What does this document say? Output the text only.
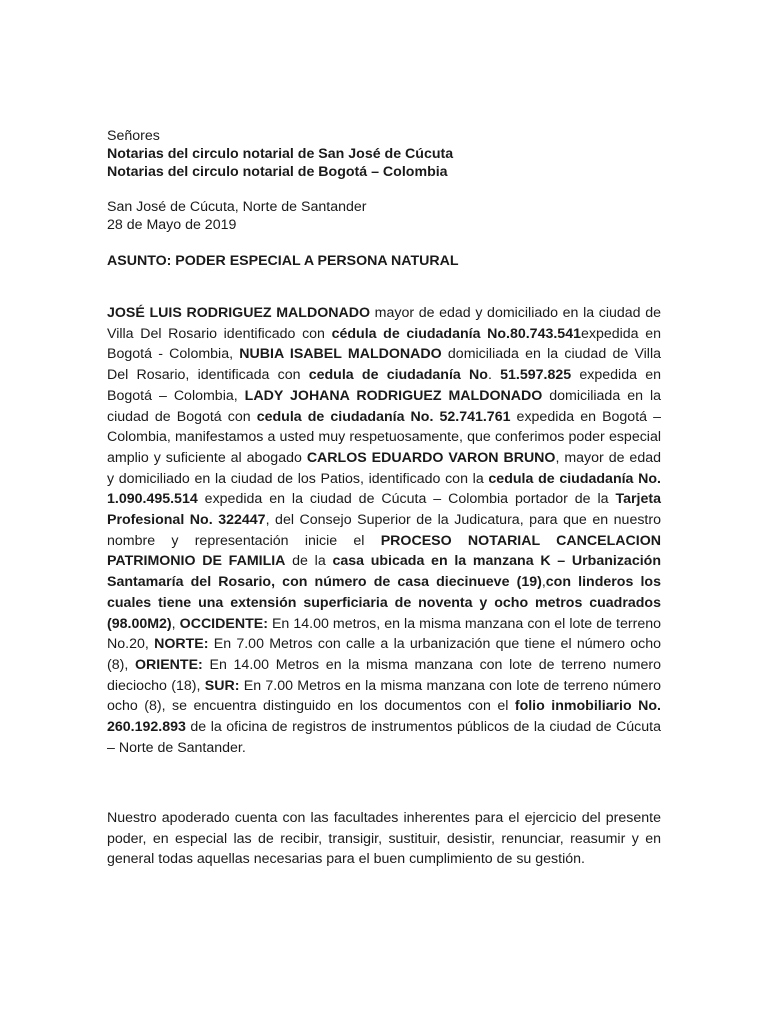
Señores

Notarias del circulo notarial de San José de Cúcuta

Notarias del circulo notarial de Bogotá – Colombia

San José de Cúcuta, Norte de Santander

28 de Mayo de 2019

ASUNTO: PODER ESPECIAL A PERSONA NATURAL

JOSÉ LUIS RODRIGUEZ MALDONADO mayor de edad y domiciliado en la ciudad de Villa Del Rosario identificado con cédula de ciudadanía No.80.743.541expedida en Bogotá - Colombia, NUBIA ISABEL MALDONADO domiciliada en la ciudad de Villa Del Rosario, identificada con cedula de ciudadanía No. 51.597.825 expedida en Bogotá – Colombia, LADY JOHANA RODRIGUEZ MALDONADO domiciliada en la ciudad de Bogotá con cedula de ciudadanía No. 52.741.761 expedida en Bogotá – Colombia, manifestamos a usted muy respetuosamente, que conferimos poder especial amplio y suficiente al abogado CARLOS EDUARDO VARON BRUNO, mayor de edad y domiciliado en la ciudad de los Patios, identificado con la cedula de ciudadanía No. 1.090.495.514 expedida en la ciudad de Cúcuta – Colombia portador de la Tarjeta Profesional No. 322447, del Consejo Superior de la Judicatura, para que en nuestro nombre y representación inicie el PROCESO NOTARIAL CANCELACION PATRIMONIO DE FAMILIA de la casa ubicada en la manzana K – Urbanización Santamaría del Rosario, con número de casa diecinueve (19),con linderos los cuales tiene una extensión superficiaria de noventa y ocho metros cuadrados (98.00M2), OCCIDENTE: En 14.00 metros, en la misma manzana con el lote de terreno No.20, NORTE: En 7.00 Metros con calle a la urbanización que tiene el número ocho (8), ORIENTE: En 14.00 Metros en la misma manzana con lote de terreno numero dieciocho (18), SUR: En 7.00 Metros en la misma manzana con lote de terreno número ocho (8), se encuentra distinguido en los documentos con el folio inmobiliario No. 260.192.893 de la oficina de registros de instrumentos públicos de la ciudad de Cúcuta – Norte de Santander.

Nuestro apoderado cuenta con las facultades inherentes para el ejercicio del presente poder, en especial las de recibir, transigir, sustituir, desistir, renunciar, reasumir y en general todas aquellas necesarias para el buen cumplimiento de su gestión.
